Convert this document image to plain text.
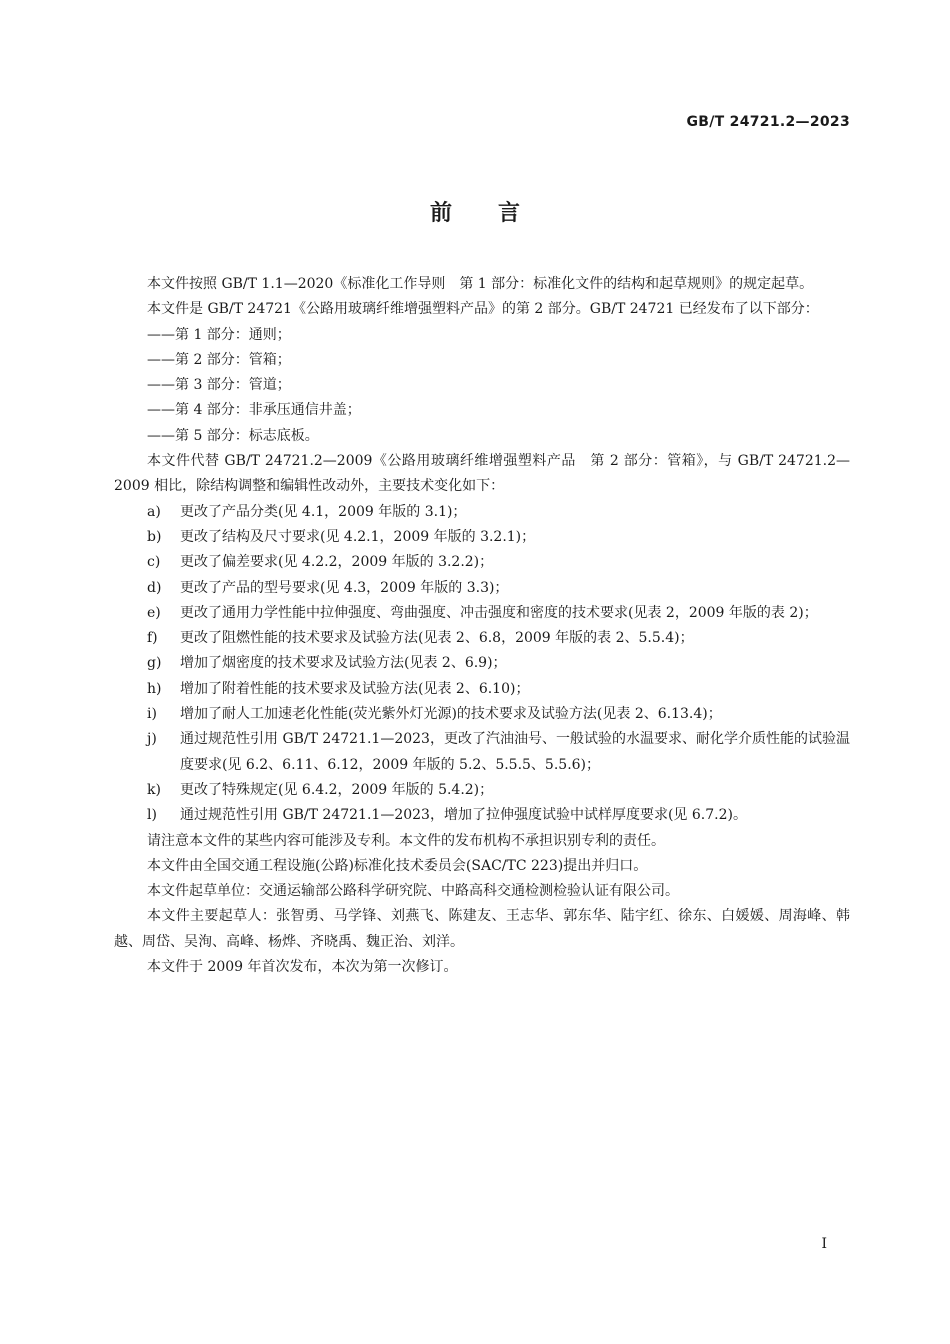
GB/T 24721.2—2023
前言

本文件按照 GB/T 1.1—2020《标准化工作导则　第 1 部分：标准化文件的结构和起草规则》的规定起草。

本文件是 GB/T 24721《公路用玻璃纤维增强塑料产品》的第 2 部分。GB/T 24721 已经发布了以下部分：

——第 1 部分：通则；

——第 2 部分：管箱；

——第 3 部分：管道；

——第 4 部分：非承压通信井盖；

——第 5 部分：标志底板。

本文件代替 GB/T 24721.2—2009《公路用玻璃纤维增强塑料产品　第 2 部分：管箱》，与 GB/T 24721.2—2009 相比，除结构调整和编辑性改动外，主要技术变化如下：

a)	更改了产品分类(见 4.1，2009 年版的 3.1)；
b)	更改了结构及尺寸要求(见 4.2.1，2009 年版的 3.2.1)；
c)	更改了偏差要求(见 4.2.2，2009 年版的 3.2.2)；
d)	更改了产品的型号要求(见 4.3，2009 年版的 3.3)；
e)	更改了通用力学性能中拉伸强度、弯曲强度、冲击强度和密度的技术要求(见表 2，2009 年版的表 2)；
f)	更改了阻燃性能的技术要求及试验方法(见表 2、6.8，2009 年版的表 2、5.5.4)；
g)	增加了烟密度的技术要求及试验方法(见表 2、6.9)；
h)	增加了附着性能的技术要求及试验方法(见表 2、6.10)；
i)	增加了耐人工加速老化性能(荧光紫外灯光源)的技术要求及试验方法(见表 2、6.13.4)；
j)	通过规范性引用 GB/T 24721.1—2023，更改了汽油油号、一般试验的水温要求、耐化学介质性能的试验温度要求(见 6.2、6.11、6.12，2009 年版的 5.2、5.5.5、5.5.6)；
k)	更改了特殊规定(见 6.4.2，2009 年版的 5.4.2)；
l)	通过规范性引用 GB/T 24721.1—2023，增加了拉伸强度试验中试样厚度要求(见 6.7.2)。

请注意本文件的某些内容可能涉及专利。本文件的发布机构不承担识别专利的责任。

本文件由全国交通工程设施(公路)标准化技术委员会(SAC/TC 223)提出并归口。

本文件起草单位：交通运输部公路科学研究院、中路高科交通检测检验认证有限公司。

本文件主要起草人：张智勇、马学锋、刘燕飞、陈建友、王志华、郭东华、陆宇红、徐东、白媛媛、周海峰、韩越、周岱、吴洵、高峰、杨烨、齐晓禹、魏正治、刘洋。

本文件于 2009 年首次发布，本次为第一次修订。

I
